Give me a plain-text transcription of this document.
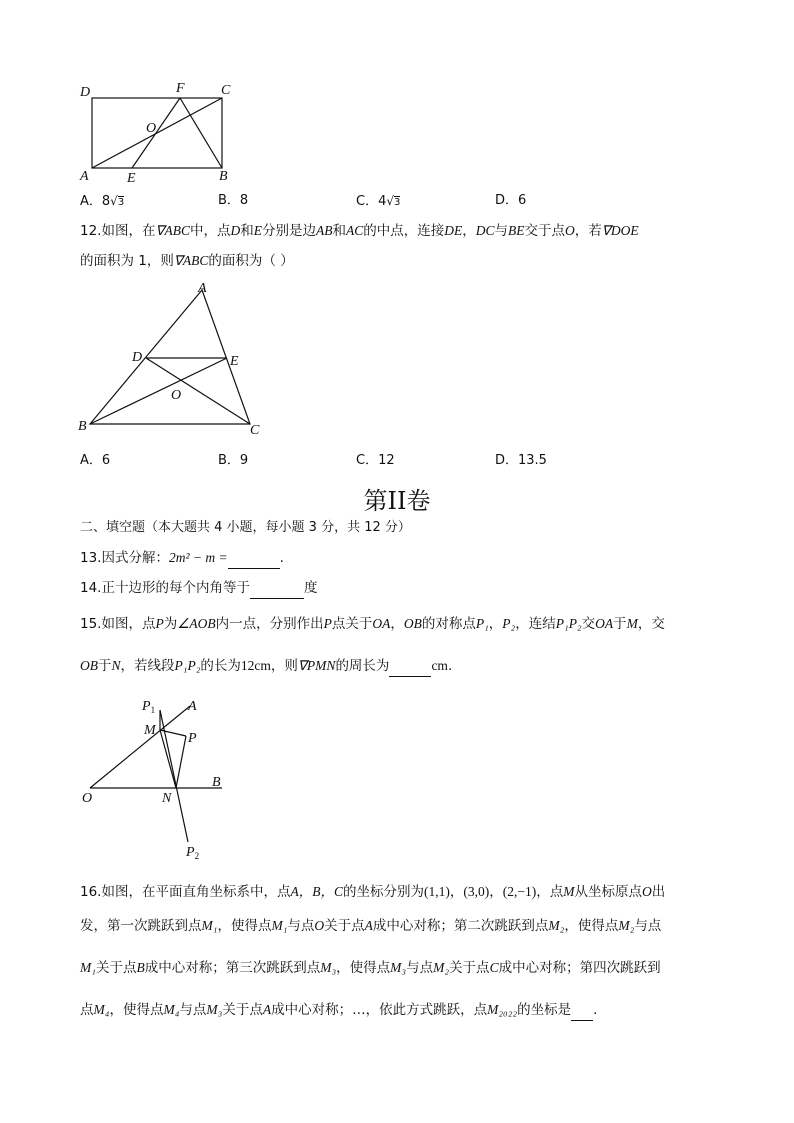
D	F	C
O
A	E	B
A．8√3	B．8	C．4√3	D．6
12.如图，在∇ABC中，点D和E分别是边AB和AC的中点，连接DE，DC与BE交于点O，若∇DOE
的面积为 1，则∇ABC的面积为（ ）
A
D	E
O
B	C
A．6	B．9	C．12	D．13.5
第II卷
二、填空题（本大题共 4 小题，每小题 3 分，共 12 分）
13.因式分解：2m² − m =	.
14.正十边形的每个内角等于	度
15.如图，点P为∠AOB内一点，分别作出P点关于OA，OB的对称点P₁，P₂，连结P₁P₂交OA于M，交
OB于N，若线段P₁P₂的长为12cm，则∇PMN的周长为	cm.
$P_1$ A
M
P
B
O	N
$P_2$
16.如图，在平面直角坐标系中，点A，B，C的坐标分别为(1,1)，(3,0)，(2,−1)，点M从坐标原点O出
发，第一次跳跃到点M₁，使得点M₁与点O关于点A成中心对称；第二次跳跃到点M₂，使得点M₂与点
M₁关于点B成中心对称；第三次跳跃到点M₃，使得点M₃与点M₂关于点C成中心对称；第四次跳跃到
点M₄，使得点M₄与点M₃关于点A成中心对称；…，依此方式跳跃，点M₂₀₂₂的坐标是 .
